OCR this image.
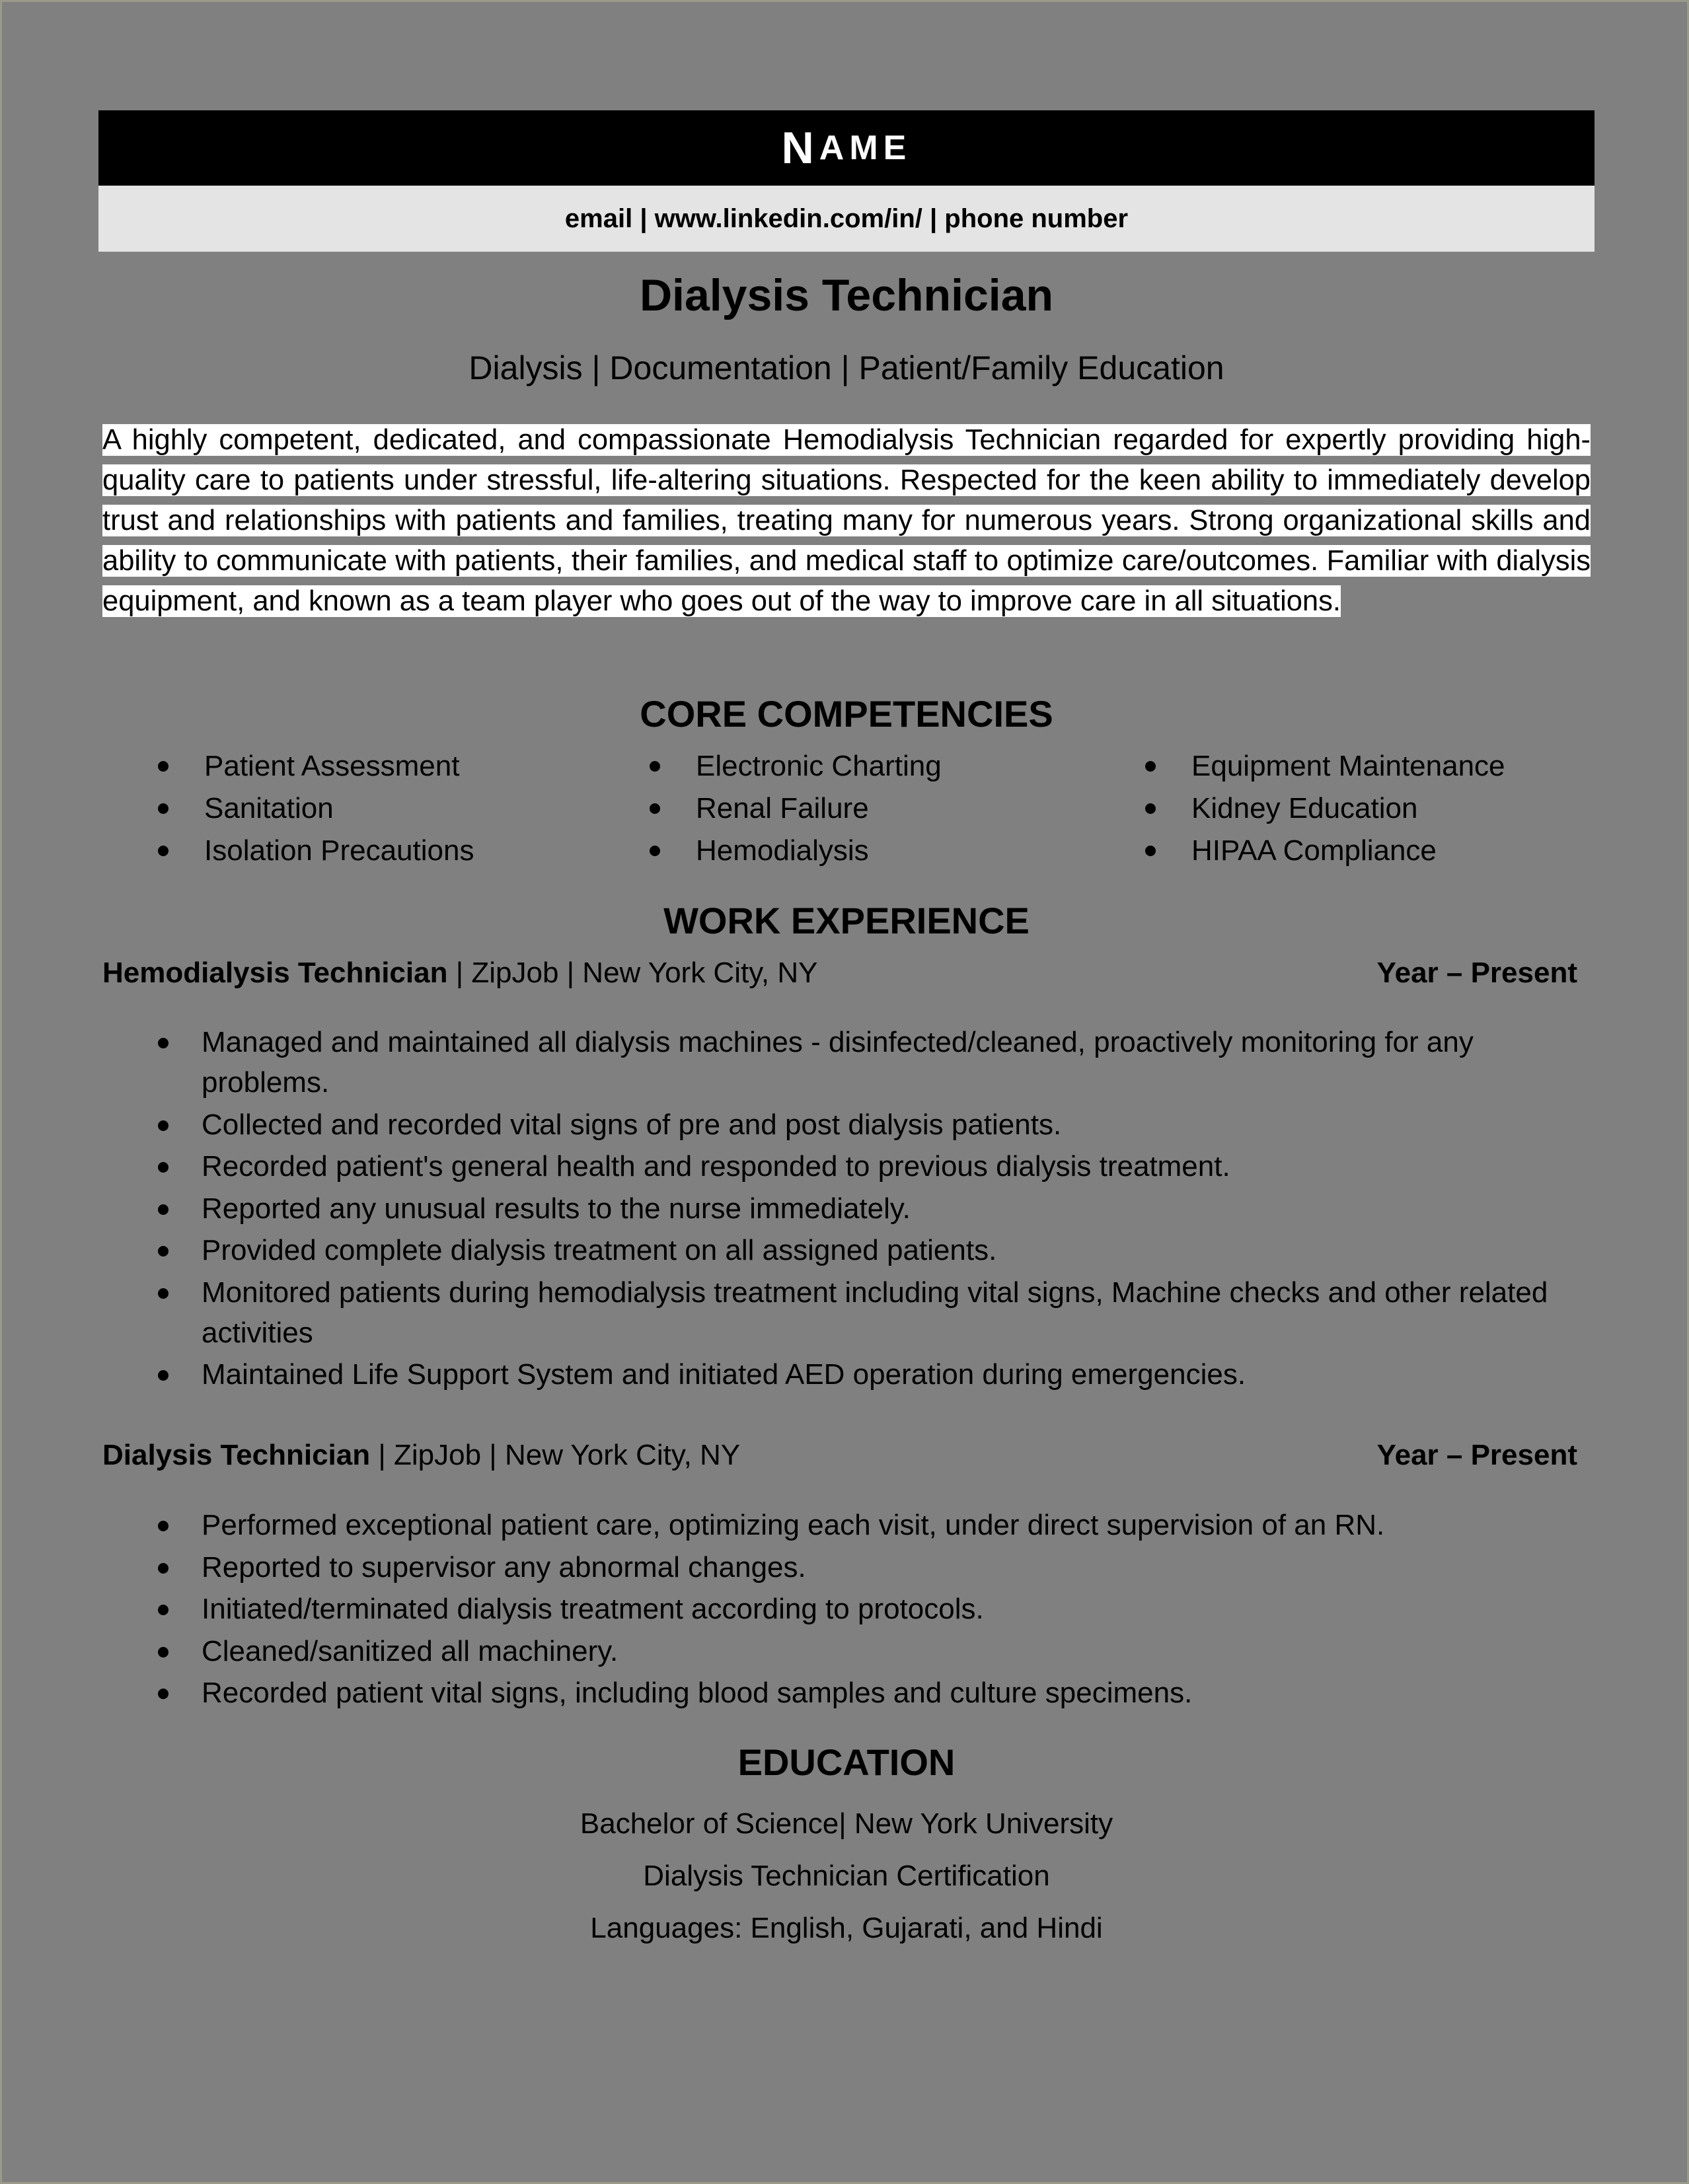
N AME
email | www.linkedin.com/in/ | phone number
Dialysis Technician
Dialysis | Documentation | Patient/Family Education
A highly competent, dedicated, and compassionate Hemodialysis Technician regarded for expertly providing high-quality care to patients under stressful, life-altering situations. Respected for the keen ability to immediately develop trust and relationships with patients and families, treating many for numerous years. Strong organizational skills and ability to communicate with patients, their families, and medical staff to optimize care/outcomes. Familiar with dialysis equipment, and known as a team player who goes out of the way to improve care in all situations.
CORE COMPETENCIES
Patient Assessment
Sanitation
Isolation Precautions
Electronic Charting
Renal Failure
Hemodialysis
Equipment Maintenance
Kidney Education
HIPAA Compliance
WORK EXPERIENCE
Hemodialysis Technician | ZipJob | New York City, NY	Year – Present
Managed and maintained all dialysis machines - disinfected/cleaned, proactively monitoring for any problems.
Collected and recorded vital signs of pre and post dialysis patients.
Recorded patient's general health and responded to previous dialysis treatment.
Reported any unusual results to the nurse immediately.
Provided complete dialysis treatment on all assigned patients.
Monitored patients during hemodialysis treatment including vital signs, Machine checks and other related activities
Maintained Life Support System and initiated AED operation during emergencies.
Dialysis Technician | ZipJob | New York City, NY	Year – Present
Performed exceptional patient care, optimizing each visit, under direct supervision of an RN.
Reported to supervisor any abnormal changes.
Initiated/terminated dialysis treatment according to protocols.
Cleaned/sanitized all machinery.
Recorded patient vital signs, including blood samples and culture specimens.
EDUCATION
Bachelor of Science| New York University
Dialysis Technician Certification
Languages: English, Gujarati, and Hindi
